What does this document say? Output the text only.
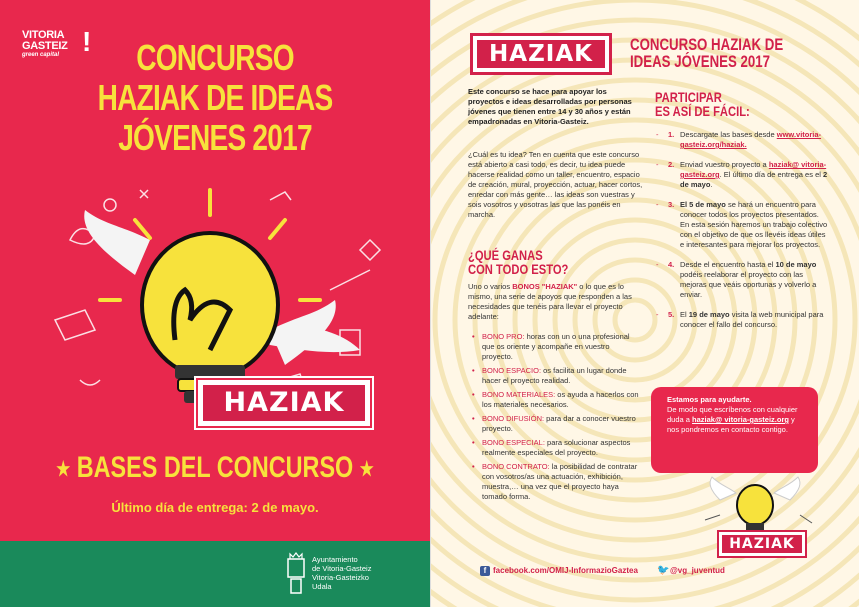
VITORIA
GASTEIZ
green capital !	CONCURSO
HAZIAK DE IDEAS
JÓVENES 2017
HAZIAK
★ BASES DEL CONCURSO ★
Último día de entrega: 2 de mayo.
Ayuntamiento
de Vitoria-Gasteiz
Vitoria-Gasteizko
Udala
HAZIAK	CONCURSO HAZIAK DE
IDEAS JÓVENES 2017
Este concurso se hace para apoyar los proyectos e ideas desarrolladas por personas jóvenes que tienen entre 14 y 30 años y están empadronadas en Vitoria-Gasteiz.
¿Cuál es tu idea? Ten en cuenta que este concurso está abierto a casi todo, es decir, tu idea puede hacerse realidad como un taller, encuentro, espacio de creación, mural, proyección, actuar, hacer cortos, enredar con más gente… las ideas son vuestras y sois vosotros y vosotras las que las ponéis en marcha.
¿QUÉ GANAS
CON TODO ESTO?
Uno o varios BONOS "HAZIAK" o lo que es lo mismo, una serie de apoyos que responden a las necesidades que tenéis para llevar el proyecto adelante:
• BONO PRO: horas con un o una profesional que os oriente y acompañe en vuestro proyecto.
• BONO ESPACIO: os facilita un lugar donde hacer el proyecto realidad.
• BONO MATERIALES: os ayuda a hacerlos con los materiales necesarios.
• BONO DIFUSIÓN: para dar a conocer vuestro proyecto.
• BONO ESPECIAL: para solucionar aspectos realmente especiales del proyecto.
• BONO CONTRATO: la posibilidad de contratar con vosotros/as una actuación, exhibición, muestra,… una vez que el proyecto haya tomado forma.
PARTICIPAR
ES ASÍ DE FÁCIL:
- 1. Descargate las bases desde www.vitoria-gasteiz.org/haziak.
- 2. Enviad vuestro proyecto a haziak@ vitoria-gasteiz.org. El último día de entrega es el 2 de mayo.
- 3. El 5 de mayo se hará un encuentro para conocer todos los proyectos presentados. En esta sesión haremos un trabajo colectivo con el objetivo de que os llevéis ideas útiles e interesantes para mejorar los proyectos.
- 4. Desde el encuentro hasta el 10 de mayo podéis reelaborar el proyecto con las mejoras que veáis oportunas y volverlo a enviar.
- 5. El 19 de mayo visita la web municipal para conocer el fallo del concurso.
Estamos para ayudarte.
De modo que escríbenos con cualquier duda a haziak@ vitoria-gasteiz.org y nos pondremos en contacto contigo.
HAZIAK
f facebook.com/OMIJ-InformazioGaztea 🐦@vg_juventud
